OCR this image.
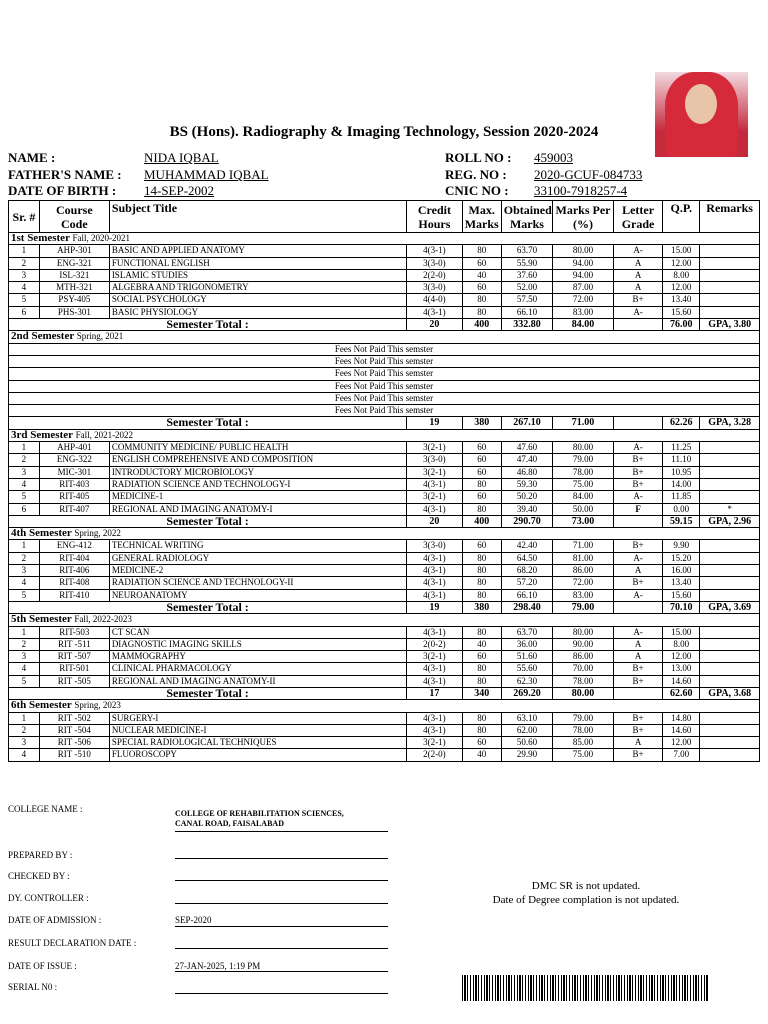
BS (Hons). Radiography & Imaging Technology, Session 2020-2024
NAME :	NIDA IQBAL
FATHER'S NAME : MUHAMMAD IQBAL
DATE OF BIRTH : 14-SEP-2002
ROLL NO : 459003
REG. NO : 2020-GCUF-084733
CNIC NO : 33100-7918257-4
Sr. #	Course Code	Subject Title	Credit Hours	Max. Marks	Obtained Marks	Marks Per (%)	Letter Grade	Q.P.	Remarks
1st Semester Fall, 2020-2021									
1	AHP-301	BASIC AND APPLIED ANATOMY	4(3-1)	80	63.70	80.00	A-	15.00	
2	ENG-321	FUNCTIONAL ENGLISH	3(3-0)	60	55.90	94.00	A	12.00	
3	ISL-321	ISLAMIC STUDIES	2(2-0)	40	37.60	94.00	A	8.00	
4	MTH-321	ALGEBRA AND TRIGONOMETRY	3(3-0)	60	52.00	87.00	A	12.00	
5	PSY-405	SOCIAL PSYCHOLOGY	4(4-0)	80	57.50	72.00	B+	13.40	
6	PHS-301	BASIC PHYSIOLOGY	4(3-1)	80	66.10	83.00	A-	15.60	
Semester Total :			20	400	332.80	84.00		76.00	GPA, 3.80
2nd Semester Spring, 2021									
Fees Not Paid This semster									
Fees Not Paid This semster									
Fees Not Paid This semster									
Fees Not Paid This semster									
Fees Not Paid This semster									
Fees Not Paid This semster									
Semester Total :			19	380	267.10	71.00		62.26	GPA, 3.28
3rd Semester Fall, 2021-2022									
1	AHP-401	COMMUNITY MEDICINE/ PUBLIC HEALTH	3(2-1)	60	47.60	80.00	A-	11.25	
2	ENG-322	ENGLISH COMPREHENSIVE AND COMPOSITION	3(3-0)	60	47.40	79.00	B+	11.10	
3	MIC-301	INTRODUCTORY MICROBIOLOGY	3(2-1)	60	46.80	78.00	B+	10.95	
4	RIT-403	RADIATION SCIENCE AND TECHNOLOGY-I	4(3-1)	80	59.30	75.00	B+	14.00	
5	RIT-405	MEDICINE-1	3(2-1)	60	50.20	84.00	A-	11.85	
6	RIT-407	REGIONAL AND IMAGING ANATOMY-I	4(3-1)	80	39.40	50.00	F	0.00	*
Semester Total :			20	400	290.70	73.00		59.15	GPA, 2.96
4th Semester Spring, 2022									
1	ENG-412	TECHNICAL WRITING	3(3-0)	60	42.40	71.00	B+	9.90	
2	RIT-404	GENERAL RADIOLOGY	4(3-1)	80	64.50	81.00	A-	15.20	
3	RIT-406	MEDICINE-2	4(3-1)	80	68.20	86.00	A	16.00	
4	RIT-408	RADIATION SCIENCE AND TECHNOLOGY-II	4(3-1)	80	57.20	72.00	B+	13.40	
5	RIT-410	NEUROANATOMY	4(3-1)	80	66.10	83.00	A-	15.60	
Semester Total :			19	380	298.40	79.00		70.10	GPA, 3.69
5th Semester Fall, 2022-2023									
1	RIT-503	CT SCAN	4(3-1)	80	63.70	80.00	A-	15.00	
2	RIT -511	DIAGNOSTIC IMAGING SKILLS	2(0-2)	40	36.00	90.00	A	8.00	
3	RIT -507	MAMMOGRAPHY	3(2-1)	60	51.60	86.00	A	12.00	
4	RIT-501	CLINICAL PHARMACOLOGY	4(3-1)	80	55.60	70.00	B+	13.00	
5	RIT -505	REGIONAL AND IMAGING ANATOMY-II	4(3-1)	80	62.30	78.00	B+	14.60	
Semester Total :			17	340	269.20	80.00		62.60	GPA, 3.68
6th Semester Spring, 2023									
1	RIT -502	SURGERY-I	4(3-1)	80	63.10	79.00	B+	14.80	
2	RIT -504	NUCLEAR MEDICINE-I	4(3-1)	80	62.00	78.00	B+	14.60	
3	RIT -506	SPECIAL RADIOLOGICAL TECHNIQUES	3(2-1)	60	50.60	85.00	A	12.00	
4	RIT -510	FLUOROSCOPY	2(2-0)	40	29.90	75.00	B+	7.00	
COLLEGE NAME :	COLLEGE OF REHABILITATION SCIENCES,
CANAL ROAD, FAISALABAD
PREPARED BY :
CHECKED BY :
DY. CONTROLLER :
DATE OF ADMISSION :	SEP-2020
RESULT DECLARATION DATE :
DATE OF ISSUE :	27-JAN-2025, 1:19 PM
SERIAL N0 :
DMC SR is not updated.
Date of Degree complation is not updated.
